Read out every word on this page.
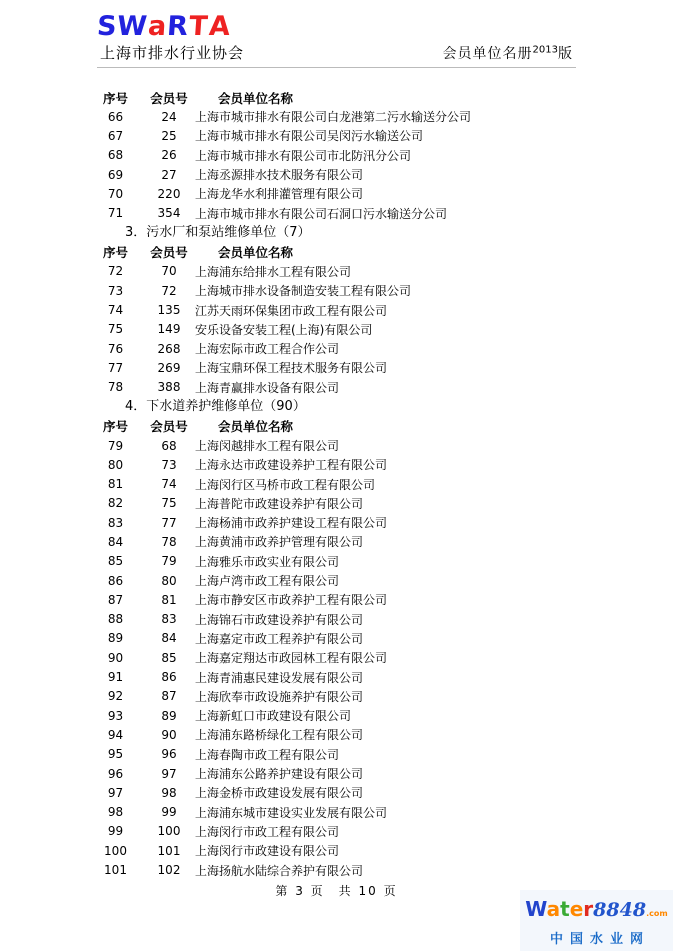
SWaRTA
上海市排水行业协会	会员单位名册$^{2013}$版
序号	会员号	会员单位名称
66	24	上海市城市排水有限公司白龙港第二污水输送分公司
67	25	上海市城市排水有限公司吴闵污水输送公司
68	26	上海市城市排水有限公司市北防汛分公司
69	27	上海丞源排水技术服务有限公司
70	220	上海龙华水利排灌管理有限公司
71	354	上海市城市排水有限公司石洞口污水输送分公司
3．污水厂和泵站维修单位（7）
序号	会员号	会员单位名称
72	70	上海浦东给排水工程有限公司
73	72	上海城市排水设备制造安装工程有限公司
74	135	江苏天雨环保集团市政工程有限公司
75	149	安乐设备安装工程(上海)有限公司
76	268	上海宏际市政工程合作公司
77	269	上海宝鼎环保工程技术服务有限公司
78	388	上海青赢排水设备有限公司
4．下水道养护维修单位（90）
序号	会员号	会员单位名称
79	68	上海闵越排水工程有限公司
80	73	上海永达市政建设养护工程有限公司
81	74	上海闵行区马桥市政工程有限公司
82	75	上海普陀市政建设养护有限公司
83	77	上海杨浦市政养护建设工程有限公司
84	78	上海黄浦市政养护管理有限公司
85	79	上海雅乐市政实业有限公司
86	80	上海卢湾市政工程有限公司
87	81	上海市静安区市政养护工程有限公司
88	83	上海锦石市政建设养护有限公司
89	84	上海嘉定市政工程养护有限公司
90	85	上海嘉定翔达市政园林工程有限公司
91	86	上海青浦惠民建设发展有限公司
92	87	上海欣奉市政设施养护有限公司
93	89	上海新虹口市政建设有限公司
94	90	上海浦东路桥绿化工程有限公司
95	96	上海春陶市政工程有限公司
96	97	上海浦东公路养护建设有限公司
97	98	上海金桥市政建设发展有限公司
98	99	上海浦东城市建设实业发展有限公司
99	100	上海闵行市政工程有限公司
100	101	上海闵行市政建设有限公司
101	102	上海扬航水陆综合养护有限公司
第 3 页　共 10 页
Water8848.com
中国水业网
